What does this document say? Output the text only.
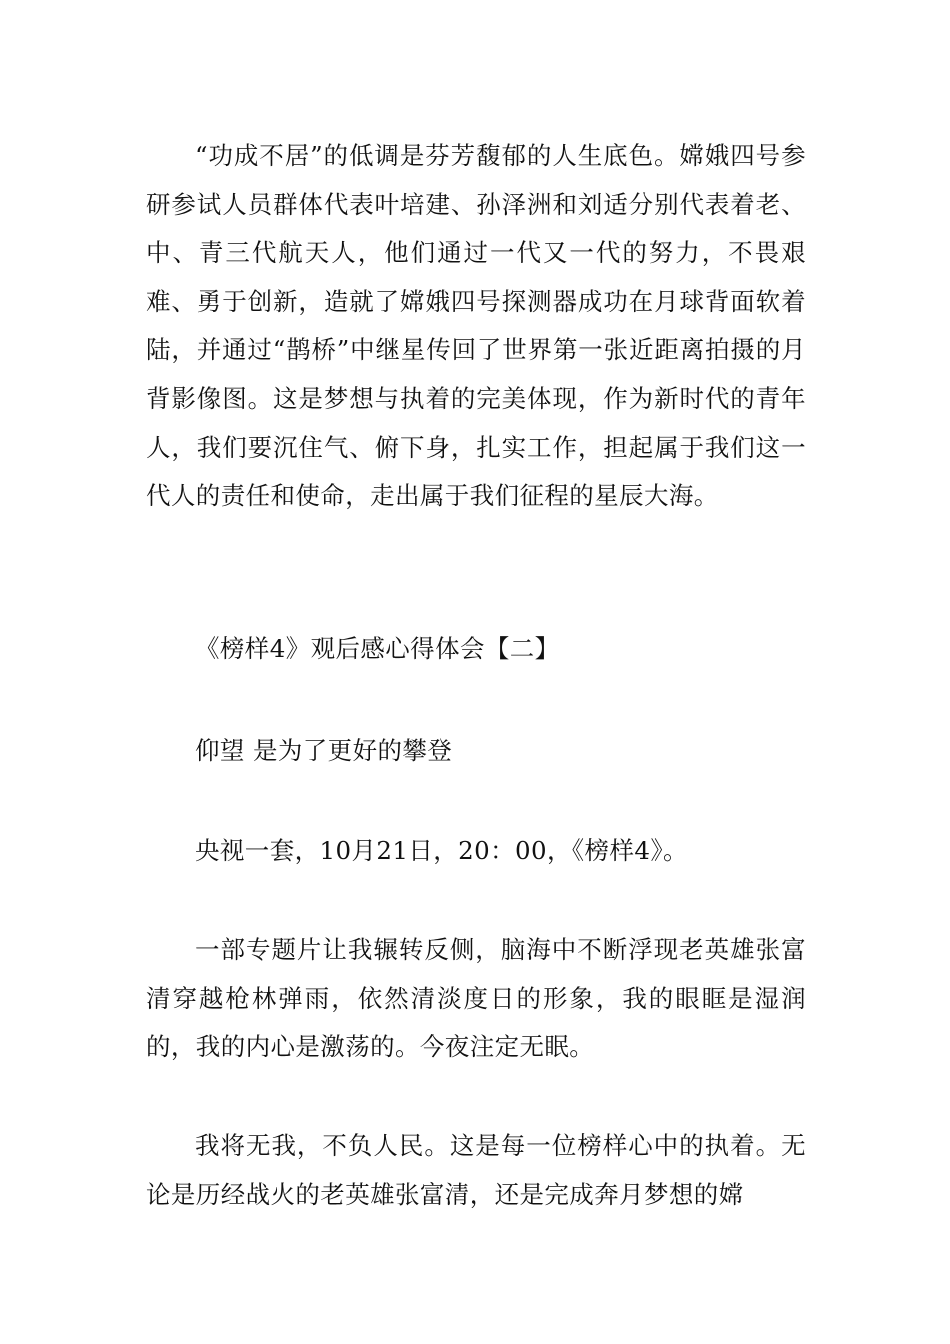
“功成不居”的低调是芬芳馥郁的人生底色。嫦娥四号参研参试人员群体代表叶培建、孙泽洲和刘适分别代表着老、中、青三代航天人，他们通过一代又一代的努力，不畏艰难、勇于创新，造就了嫦娥四号探测器成功在月球背面软着陆，并通过“鹊桥”中继星传回了世界第一张近距离拍摄的月背影像图。这是梦想与执着的完美体现，作为新时代的青年人，我们要沉住气、俯下身，扎实工作，担起属于我们这一代人的责任和使命，走出属于我们征程的星辰大海。

《榜样4》观后感心得体会【二】

仰望 是为了更好的攀登

央视一套，10月21日，20：00，《榜样4》。

一部专题片让我辗转反侧，脑海中不断浮现老英雄张富清穿越枪林弹雨，依然清淡度日的形象，我的眼眶是湿润的，我的内心是激荡的。今夜注定无眠。

我将无我，不负人民。这是每一位榜样心中的执着。无论是历经战火的老英雄张富清，还是完成奔月梦想的嫦
